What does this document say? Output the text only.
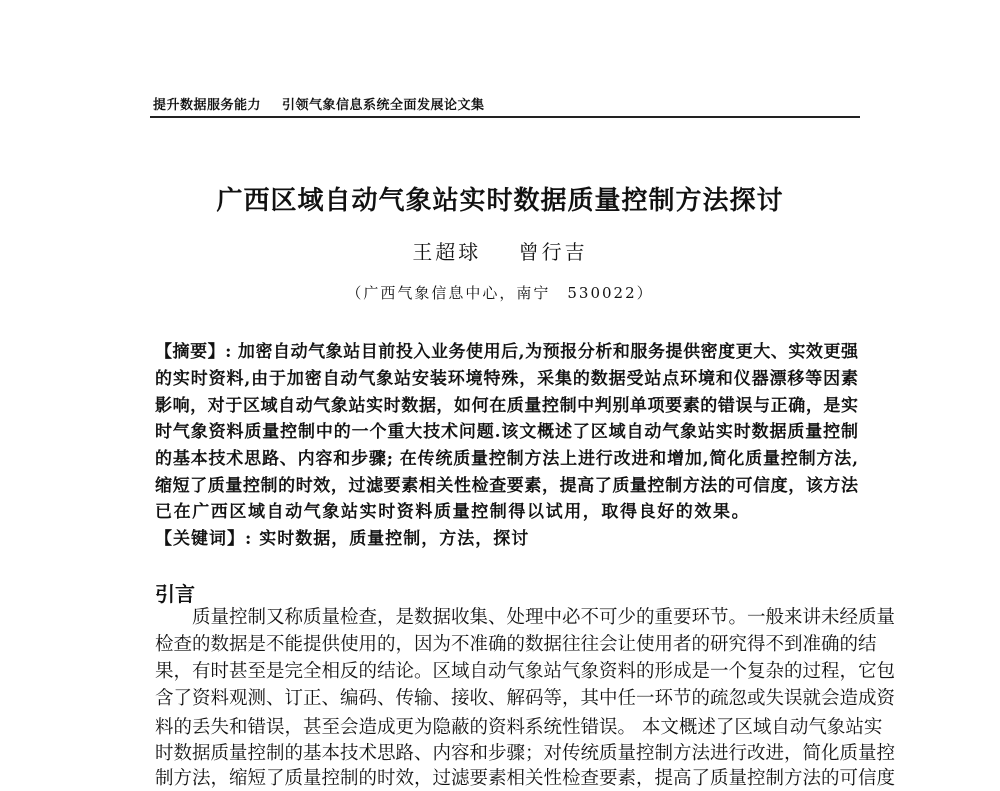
提升数据服务能力 引领气象信息系统全面发展论文集
广西区域自动气象站实时数据质量控制方法探讨
王超球 曾行吉
（广西气象信息中心，南宁　530022）
【摘要】: 加密自动气象站目前投入业务使用后,为预报分析和服务提供密度更大、实效更强
的实时资料,由于加密自动气象站安装环境特殊，采集的数据受站点环境和仪器漂移等因素
影响，对于区域自动气象站实时数据，如何在质量控制中判别单项要素的错误与正确，是实
时气象资料质量控制中的一个重大技术问题.该文概述了区域自动气象站实时数据质量控制
的基本技术思路、内容和步骤; 在传统质量控制方法上进行改进和增加,简化质量控制方法,
缩短了质量控制的时效，过滤要素相关性检查要素，提高了质量控制方法的可信度，该方法
已在广西区域自动气象站实时资料质量控制得以试用，取得良好的效果。
【关键词】: 实时数据，质量控制，方法，探讨
引言
　　质量控制又称质量检查，是数据收集、处理中必不可少的重要环节。一般来讲未经质量
检查的数据是不能提供使用的，因为不准确的数据往往会让使用者的研究得不到准确的结
果，有时甚至是完全相反的结论。区域自动气象站气象资料的形成是一个复杂的过程，它包
含了资料观测、订正、编码、传输、接收、解码等，其中任一环节的疏忽或失误就会造成资
料的丢失和错误，甚至会造成更为隐蔽的资料系统性错误。 本文概述了区域自动气象站实
时数据质量控制的基本技术思路、内容和步骤；对传统质量控制方法进行改进，简化质量控
制方法，缩短了质量控制的时效，过滤要素相关性检查要素，提高了质量控制方法的可信度
